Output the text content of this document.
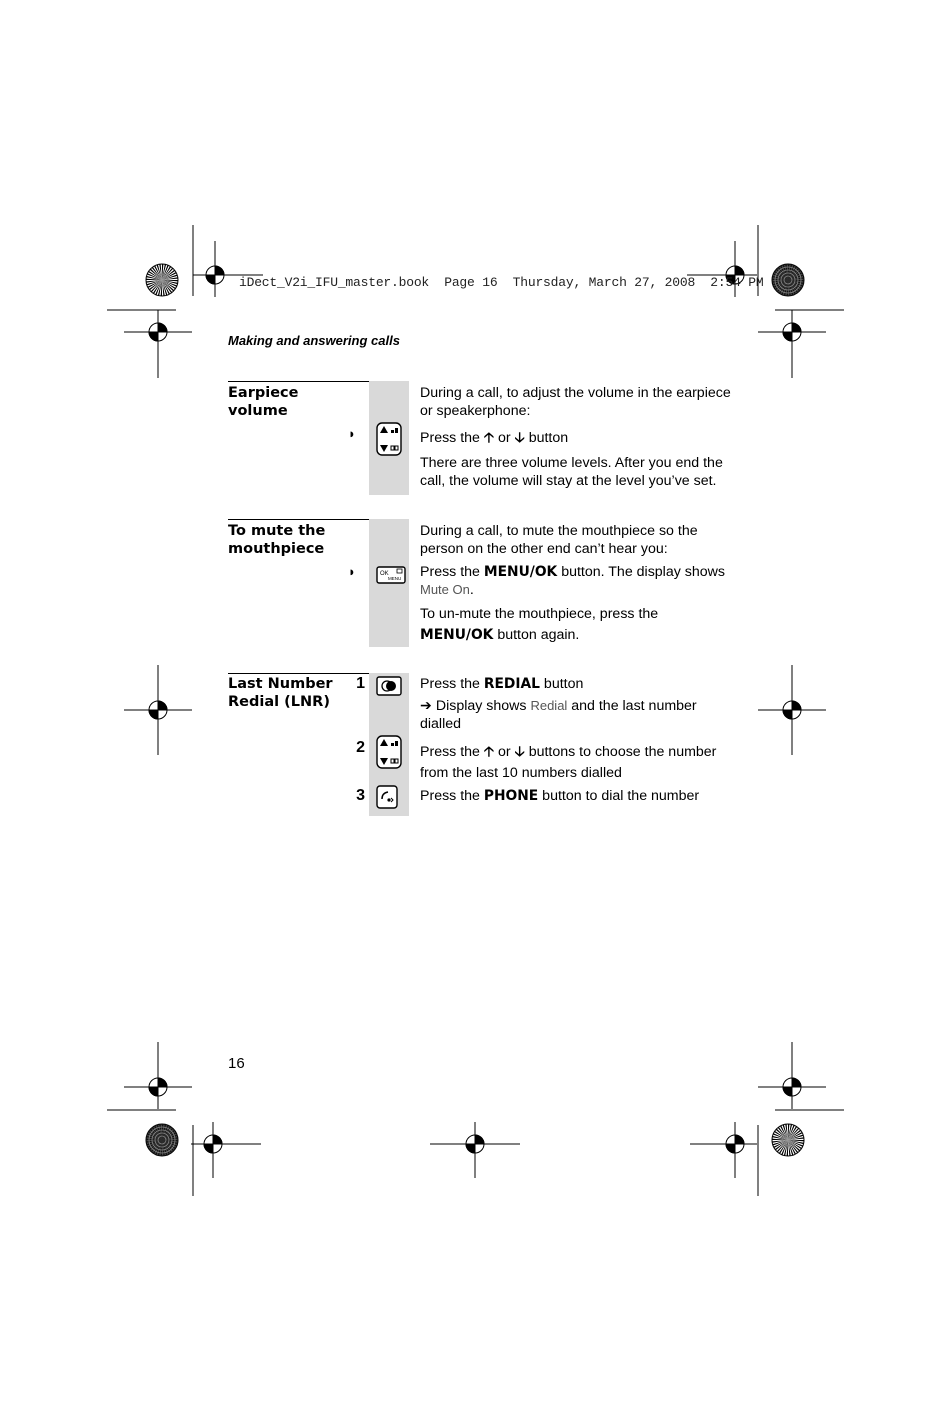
iDect_V2i_IFU_master.book  Page 16  Thursday, March 27, 2008  2:54 PM
Making and answering calls
Earpiece
volume
◗
During a call, to adjust the volume in the earpiece or speakerphone:
Press the 🡡 or 🡣 button
There are three volume levels. After you end the call, the volume will stay at the level you’ve set.
To mute the
mouthpiece
◗	OK
MENU
During a call, to mute the mouthpiece so the person on the other end can’t hear you:
Press the MENU/OK button. The display shows Mute On.
To un-mute the mouthpiece, press the
MENU/OK button again.
Last Number
Redial (LNR)
1	Press the REDIAL button
➔ Display shows Redial and the last number dialled
2	Press the 🡡 or 🡣 buttons to choose the number from the last 10 numbers dialled
3	Press the PHONE button to dial the number
16
